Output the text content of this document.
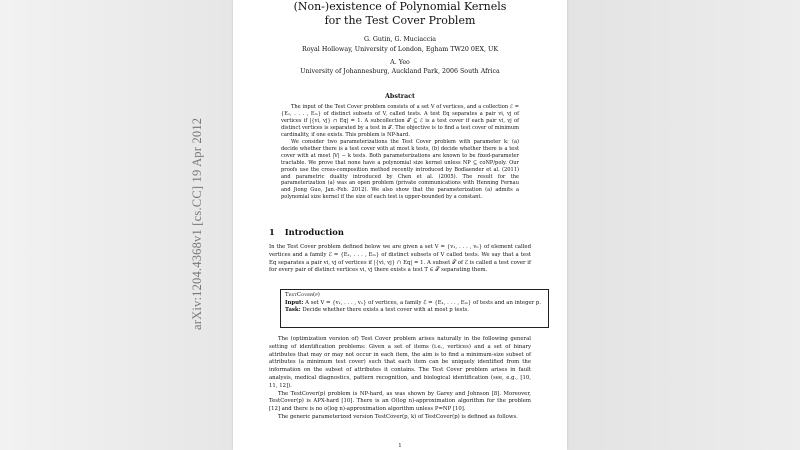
(Non-)existence of Polynomial Kernels for the Test Cover Problem
G. Gutin, G. Muciaccia
Royal Holloway, University of London, Egham TW20 0EX, UK
A. Yeo
University of Johannesburg, Auckland Park, 2006 South Africa
Abstract

The input of the Test Cover problem consists of a set V of vertices, and a collection ℰ = {E₁, . . . , Eₘ} of distinct subsets of V, called tests. A test Eq separates a pair vi, vj of vertices if |{vi, vj} ∩ Eq| = 1. A subcollection 𝒯 ⊆ ℰ is a test cover if each pair vi, vj of distinct vertices is separated by a test in 𝒯. The objective is to find a test cover of minimum cardinality, if one exists. This problem is NP-hard.

We consider two parameterizations the Test Cover problem with parameter k: (a) decide whether there is a test cover with at most k tests, (b) decide whether there is a test cover with at most |V| − k tests. Both parameterizations are known to be fixed-parameter tractable. We prove that none have a polynomial size kernel unless NP ⊆ coNP/poly. Our proofs use the cross-composition method recently introduced by Bodlaender et al. (2011) and parametric duality introduced by Chen et al. (2005). The result for the parameterization (a) was an open problem (private communications with Henning Fernau and Jiong Guo, Jan.-Feb. 2012). We also show that the parameterization (a) admits a polynomial size kernel if the size of each test is upper-bounded by a constant.

1 Introduction
In the Test Cover problem defined below we are given a set V = {v₁, . . . , vₙ} of element called vertices and a family ℰ = {E₁, . . . , Eₘ} of distinct subsets of V called tests. We say that a test Eq separates a pair vi, vj of vertices if |{vi, vj} ∩ Eq| = 1. A subset 𝒯 of ℰ is called a test cover if for every pair of distinct vertices vi, vj there exists a test T ∈ 𝒯 separating them.
TestCover(p)
Input: A set V = {v₁, . . . , vₙ} of vertices, a family ℰ = {E₁, . . . , Eₘ} of tests and an integer p.
Task: Decide whether there exists a test cover with at most p tests.

The (optimization version of) Test Cover problem arises naturally in the following general setting of identification problems: Given a set of items (i.e., vertices) and a set of binary attributes that may or may not occur in each item, the aim is to find a minimum-size subset of attributes (a minimum test cover) such that each item can be uniquely identified from the information on the subset of attributes it contains. The Test Cover problem arises in fault analysis, medical diagnostics, pattern recognition, and biological identification (see, e.g., [10, 11, 12]).

The TestCover(p) problem is NP-hard, as was shown by Garey and Johnson [8]. Moreover, TestCover(p) is APX-hard [10]. There is an O(log n)-approximation algorithm for the problem [12] and there is no o(log n)-approximation algorithm unless P=NP [10].

The generic parameterized version TestCover(p, k) of TestCover(p) is defined as follows.

1
arXiv:1204.4368v1 [cs.CC] 19 Apr 2012
